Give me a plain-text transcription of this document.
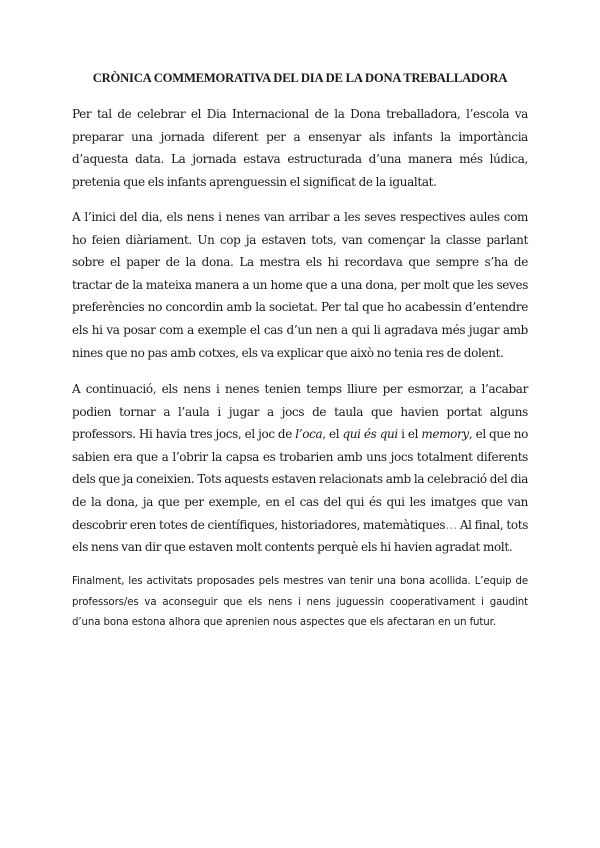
CRÒNICA COMMEMORATIVA DEL DIA DE LA DONA TREBALLADORA

Per tal de celebrar el Dia Internacional de la Dona treballadora, l’escola va preparar una jornada diferent per a ensenyar als infants la importància d’aquesta data. La jornada estava estructurada d’una manera més lúdica, pretenia que els infants aprenguessin el significat de la igualtat.

A l’inici del dia, els nens i nenes van arribar a les seves respectives aules com ho feien diàriament. Un cop ja estaven tots, van començar la classe parlant sobre el paper de la dona. La mestra els hi recordava que sempre s’ha de tractar de la mateixa manera a un home que a una dona, per molt que les seves preferències no concordin amb la societat. Per tal que ho acabessin d’entendre els hi va posar com a exemple el cas d’un nen a qui li agradava més jugar amb nines que no pas amb cotxes, els va explicar que això no tenia res de dolent.

A continuació, els nens i nenes tenien temps lliure per esmorzar, a l’acabar podien tornar a l’aula i jugar a jocs de taula que havien portat alguns professors. Hi havia tres jocs, el joc de l’oca, el qui és qui i el memory, el que no sabien era que a l’obrir la capsa es trobarien amb uns jocs totalment diferents dels que ja coneixien. Tots aquests estaven relacionats amb la celebració del dia de la dona, ja que per exemple, en el cas del qui és qui les imatges que van descobrir eren totes de científiques, historiadores, matemàtiques… Al final, tots els nens van dir que estaven molt contents perquè els hi havien agradat molt.

Finalment, les activitats proposades pels mestres van tenir una bona acollida. L’equip de professors/es va aconseguir que els nens i nens juguessin cooperativament i gaudint d’una bona estona alhora que aprenien nous aspectes que els afectaran en un futur.
